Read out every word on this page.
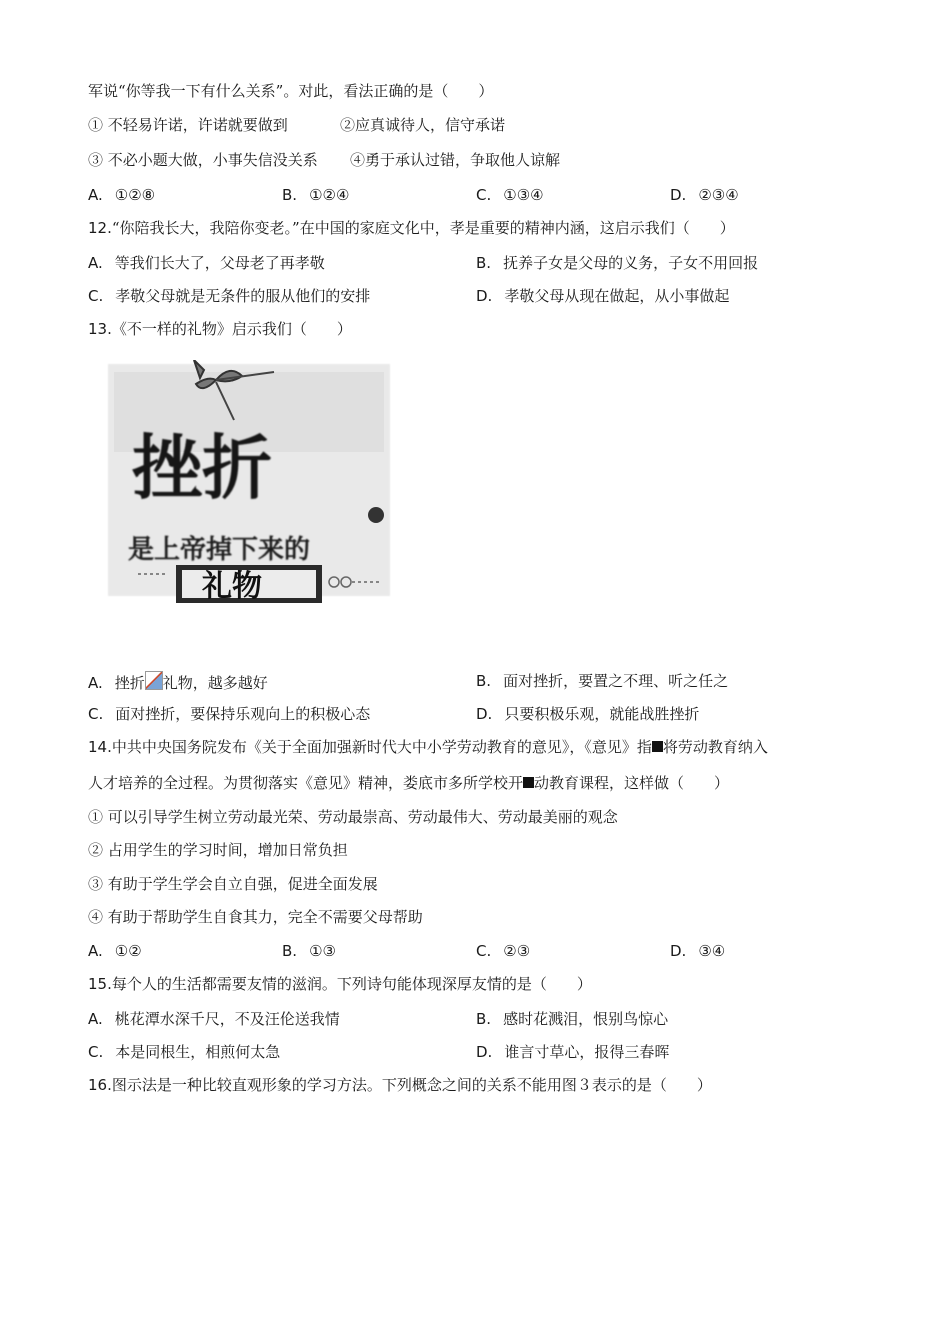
军说“你等我一下有什么关系”。对此，看法正确的是（　　）
① 不轻易许诺，许诺就要做到	②应真诚待人，信守承诺
③ 不必小题大做，小事失信没关系 ④勇于承认过错，争取他人谅解
A. ①②⑧	B. ①②④	C. ①③④	D. ②③④
12.“你陪我长大，我陪你变老。”在中国的家庭文化中，孝是重要的精神内涵，这启示我们（　　）
A. 等我们长大了，父母老了再孝敬	B. 抚养子女是父母的义务，子女不用回报
C. 孝敬父母就是无条件的服从他们的安排	D. 孝敬父母从现在做起，从小事做起
13.《不一样的礼物》启示我们（　　）
挫折
是上帝掉下来的
礼物
A. 挫折 礼物，越多越好	B. 面对挫折，要置之不理、听之任之
C. 面对挫折，要保持乐观向上的积极心态	D. 只要积极乐观，就能战胜挫折
14.中共中央国务院发布《关于全面加强新时代大中小学劳动教育的意见》，《意见》指 将劳动教育纳入
人才培养的全过程。为贯彻落实《意见》精神，娄底市多所学校开 动教育课程，这样做（　　）
① 可以引导学生树立劳动最光荣、劳动最崇高、劳动最伟大、劳动最美丽的观念
② 占用学生的学习时间，增加日常负担
③ 有助于学生学会自立自强，促进全面发展
④ 有助于帮助学生自食其力，完全不需要父母帮助
A. ①②	B. ①③	C. ②③	D. ③④
15.每个人的生活都需要友情的滋润。下列诗句能体现深厚友情的是（　　）
A. 桃花潭水深千尺，不及汪伦送我情	B. 感时花溅泪，恨别鸟惊心
C. 本是同根生，相煎何太急	D. 谁言寸草心，报得三春晖
16.图示法是一种比较直观形象的学习方法。下列概念之间的关系不能用图３表示的是（　　）
